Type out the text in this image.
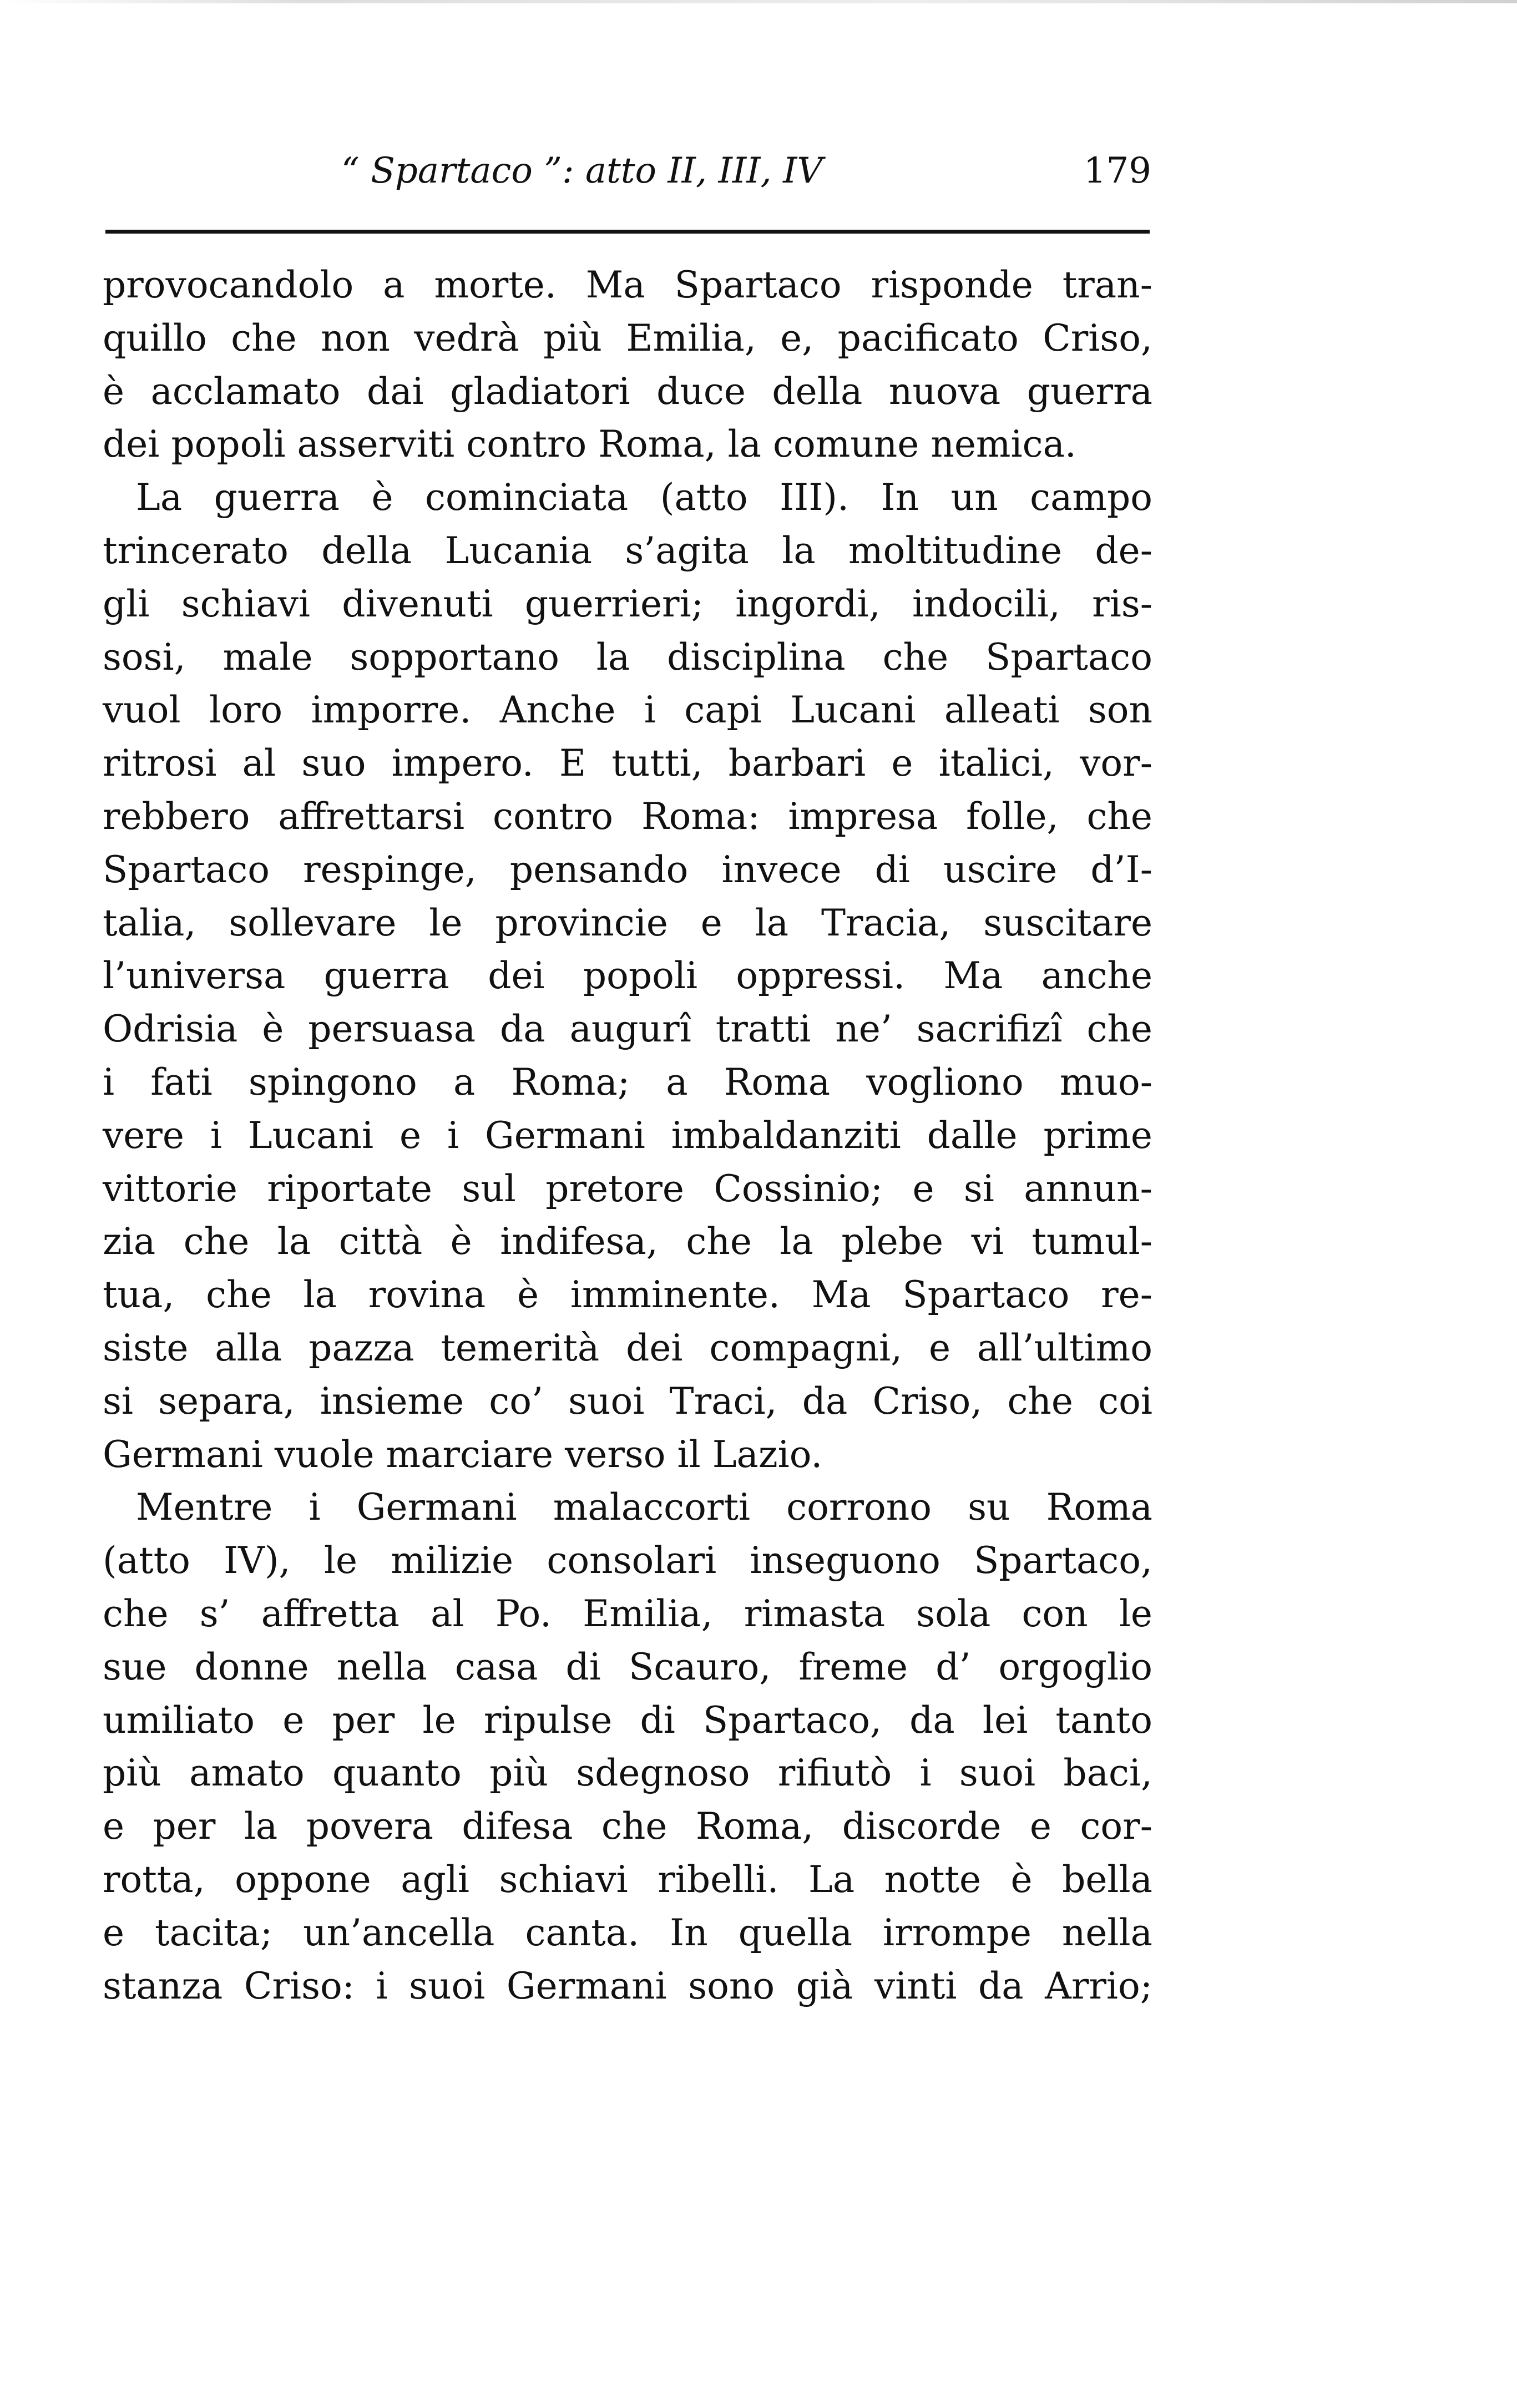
“ Spartaco ”: atto II, III, IV	179
provocandolo a morte. Ma Spartaco risponde tran-
quillo che non vedrà più Emilia, e, pacificato Criso,
è acclamato dai gladiatori duce della nuova guerra
dei popoli asserviti contro Roma, la comune nemica.
La guerra è cominciata (atto III). In un campo
trincerato della Lucania s’agita la moltitudine de-
gli schiavi divenuti guerrieri; ingordi, indocili, ris-
sosi, male sopportano la disciplina che Spartaco
vuol loro imporre. Anche i capi Lucani alleati son
ritrosi al suo impero. E tutti, barbari e italici, vor-
rebbero affrettarsi contro Roma: impresa folle, che
Spartaco respinge, pensando invece di uscire d’I-
talia, sollevare le provincie e la Tracia, suscitare
l’universa guerra dei popoli oppressi. Ma anche
Odrisia è persuasa da augurî tratti ne’ sacrifizî che
i fati spingono a Roma; a Roma vogliono muo-
vere i Lucani e i Germani imbaldanziti dalle prime
vittorie riportate sul pretore Cossinio; e si annun-
zia che la città è indifesa, che la plebe vi tumul-
tua, che la rovina è imminente. Ma Spartaco re-
siste alla pazza temerità dei compagni, e all’ultimo
si separa, insieme co’ suoi Traci, da Criso, che coi
Germani vuole marciare verso il Lazio.
Mentre i Germani malaccorti corrono su Roma
(atto IV), le milizie consolari inseguono Spartaco,
che s’ affretta al Po. Emilia, rimasta sola con le
sue donne nella casa di Scauro, freme d’ orgoglio
umiliato e per le ripulse di Spartaco, da lei tanto
più amato quanto più sdegnoso rifiutò i suoi baci,
e per la povera difesa che Roma, discorde e cor-
rotta, oppone agli schiavi ribelli. La notte è bella
e tacita; un’ancella canta. In quella irrompe nella
stanza Criso: i suoi Germani sono già vinti da Arrio;
